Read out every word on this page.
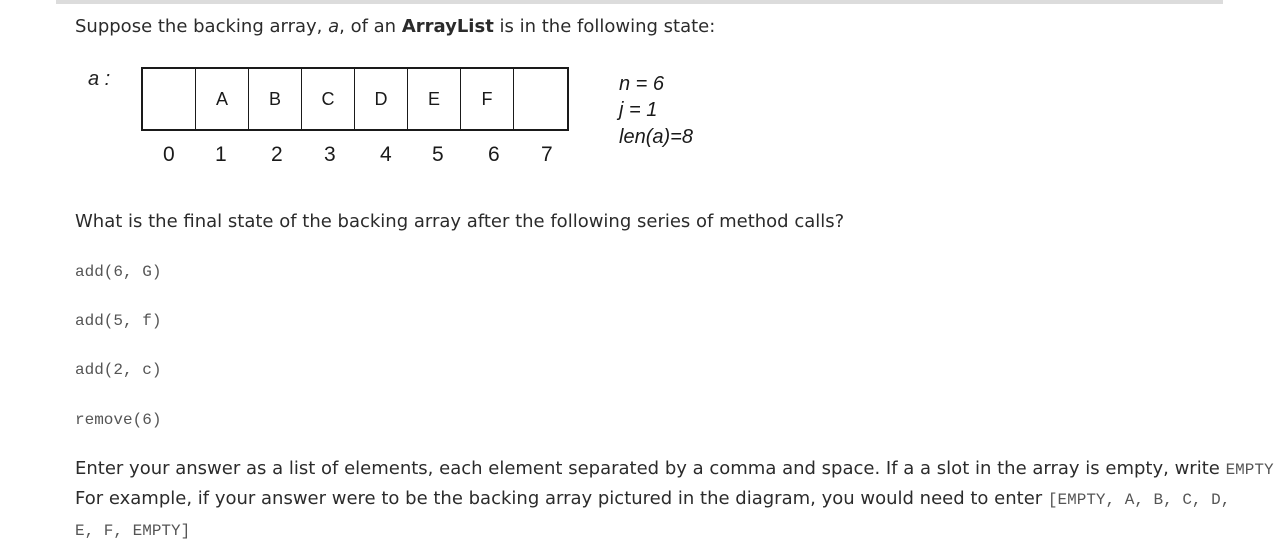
Suppose the backing array, a, of an ArrayList is in the following state:
a :
A	B	C	D	E	F
0 1 2 3 4 5 6 7
n = 6
j = 1
len(a)=8
What is the final state of the backing array after the following series of method calls?
add(6, G)
add(5, f)
add(2, c)
remove(6)
Enter your answer as a list of elements, each element separated by a comma and space. If a a slot in the array is empty, write EMPTY
For example, if your answer were to be the backing array pictured in the diagram, you would need to enter [EMPTY, A, B, C, D,
E, F, EMPTY]
